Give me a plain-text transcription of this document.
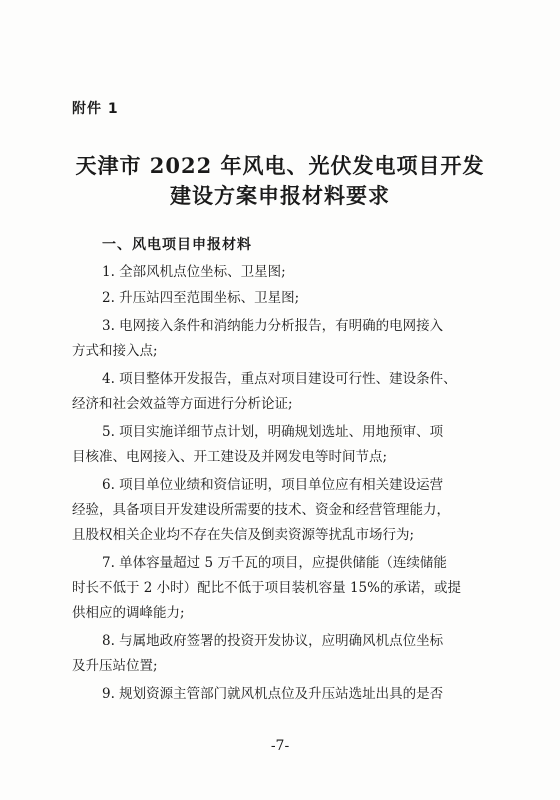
附件 1
天津市 2022 年风电、光伏发电项目开发
建设方案申报材料要求
一、风电项目申报材料
1. 全部风机点位坐标、卫星图;
2. 升压站四至范围坐标、卫星图;
3. 电网接入条件和消纳能力分析报告，有明确的电网接入
方式和接入点;
4. 项目整体开发报告，重点对项目建设可行性、建设条件、
经济和社会效益等方面进行分析论证;
5. 项目实施详细节点计划，明确规划选址、用地预审、项
目核准、电网接入、开工建设及并网发电等时间节点;
6. 项目单位业绩和资信证明，项目单位应有相关建设运营
经验，具备项目开发建设所需要的技术、资金和经营管理能力，
且股权相关企业均不存在失信及倒卖资源等扰乱市场行为;
7. 单体容量超过 5 万千瓦的项目，应提供储能（连续储能
时长不低于 2 小时）配比不低于项目装机容量 15%的承诺，或提
供相应的调峰能力;
8. 与属地政府签署的投资开发协议，应明确风机点位坐标
及升压站位置;
9. 规划资源主管部门就风机点位及升压站选址出具的是否
-7-
